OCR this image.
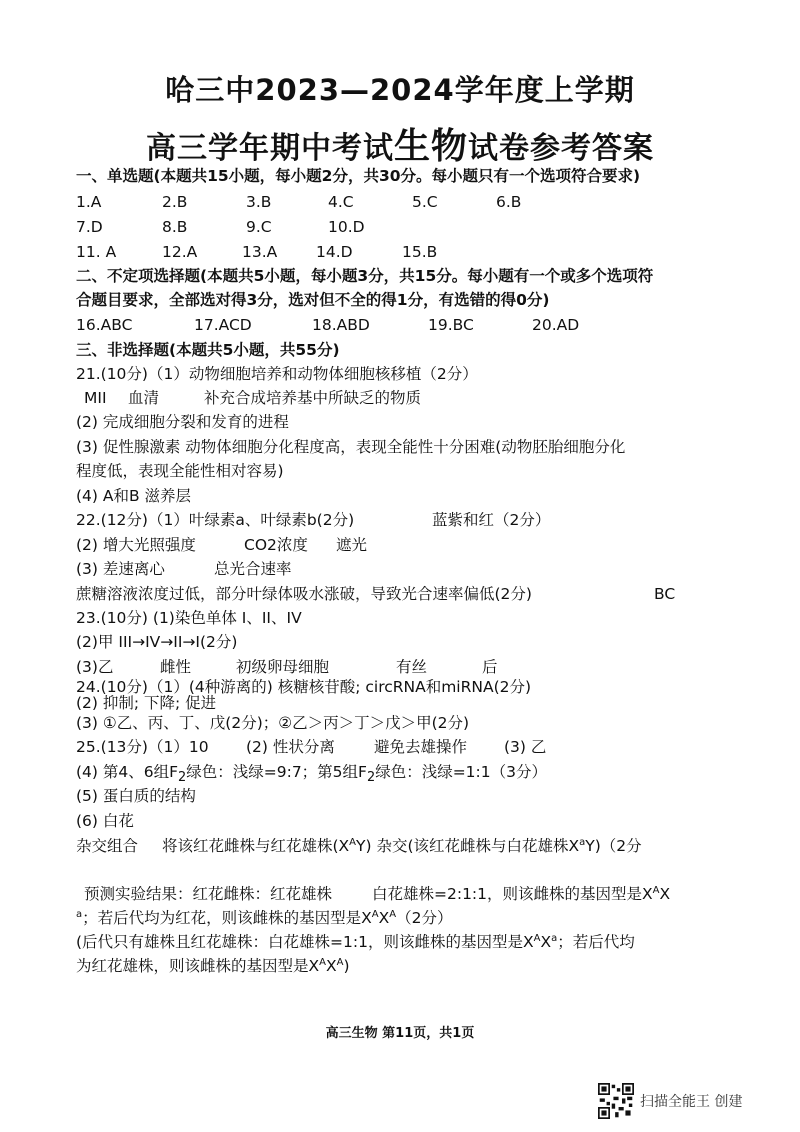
哈三中2023—2024学年度上学期
高三学年期中考试生物试卷参考答案
一、单选题(本题共15小题，每小题2分，共30分。每小题只有一个选项符合要求)
1.A	2.B	3.B	4.C	5.C	6.B
7.D	8.B	9.C	10.D
11. A	12.A	13.A 14.D	15.B
二、不定项选择题(本题共5小题，每小题3分，共15分。每小题有一个或多个选项符
合题目要求，全部选对得3分，选对但不全的得1分，有选错的得0分)
16.ABC	17.ACD	18.ABD	19.BC	20.AD
三、非选择题(本题共5小题，共55分)
21.(10分)（1）动物细胞培养和动物体细胞核移植（2分）
MII 血清	补充合成培养基中所缺乏的物质
(2) 完成细胞分裂和发育的进程
(3) 促性腺激素 动物体细胞分化程度高，表现全能性十分困难(动物胚胎细胞分化
程度低，表现全能性相对容易)
(4) A和B 滋养层
22.(12分)（1）叶绿素a、叶绿素b(2分)	蓝紫和红（2分）
(2) 增大光照强度	CO2浓度 遮光
(3) 差速离心	总光合速率
蔗糖溶液浓度过低，部分叶绿体吸水涨破，导致光合速率偏低(2分)	BC
23.(10分) (1)染色单体 I、II、IV
(2)甲 III→IV→II→I(2分)
(3)乙	雌性	初级卵母细胞	有丝	后
24.(10分)（1）(4种游离的) 核糖核苷酸; circRNA和miRNA(2分)
(2) 抑制; 下降; 促进
(3) ①乙、丙、丁、戊(2分)；②乙＞丙＞丁＞戊＞甲(2分)
25.(13分)（1）10 (2) 性状分离	避免去雄操作 (3) 乙
(4) 第4、6组$F_2$绿色：浅绿=9:7；第5组$F_2$绿色：浅绿=1:1（3分）
(5) 蛋白质的结构
(6) 白花
杂交组合 将该红花雌株与红花雄株$(X^AY)$ 杂交(该红花雌株与白花雄株$X^aY)(2$分
预测实验结果：红花雌株：红花雄株	白花雄株=2:1:1，则该雌株的基因型是$X^AX$
$^a$；若后代均为红花，则该雌株的基因型是$X^AX^A(2$分）
(后代只有雄株且红花雄株：白花雄株=1:1，则该雌株的基因型是$X^AX^a$；若后代均
为红花雄株，则该雌株的基因型是$X^AX^A$)
高三生物 第11页，共1页
扫描全能王 创建
